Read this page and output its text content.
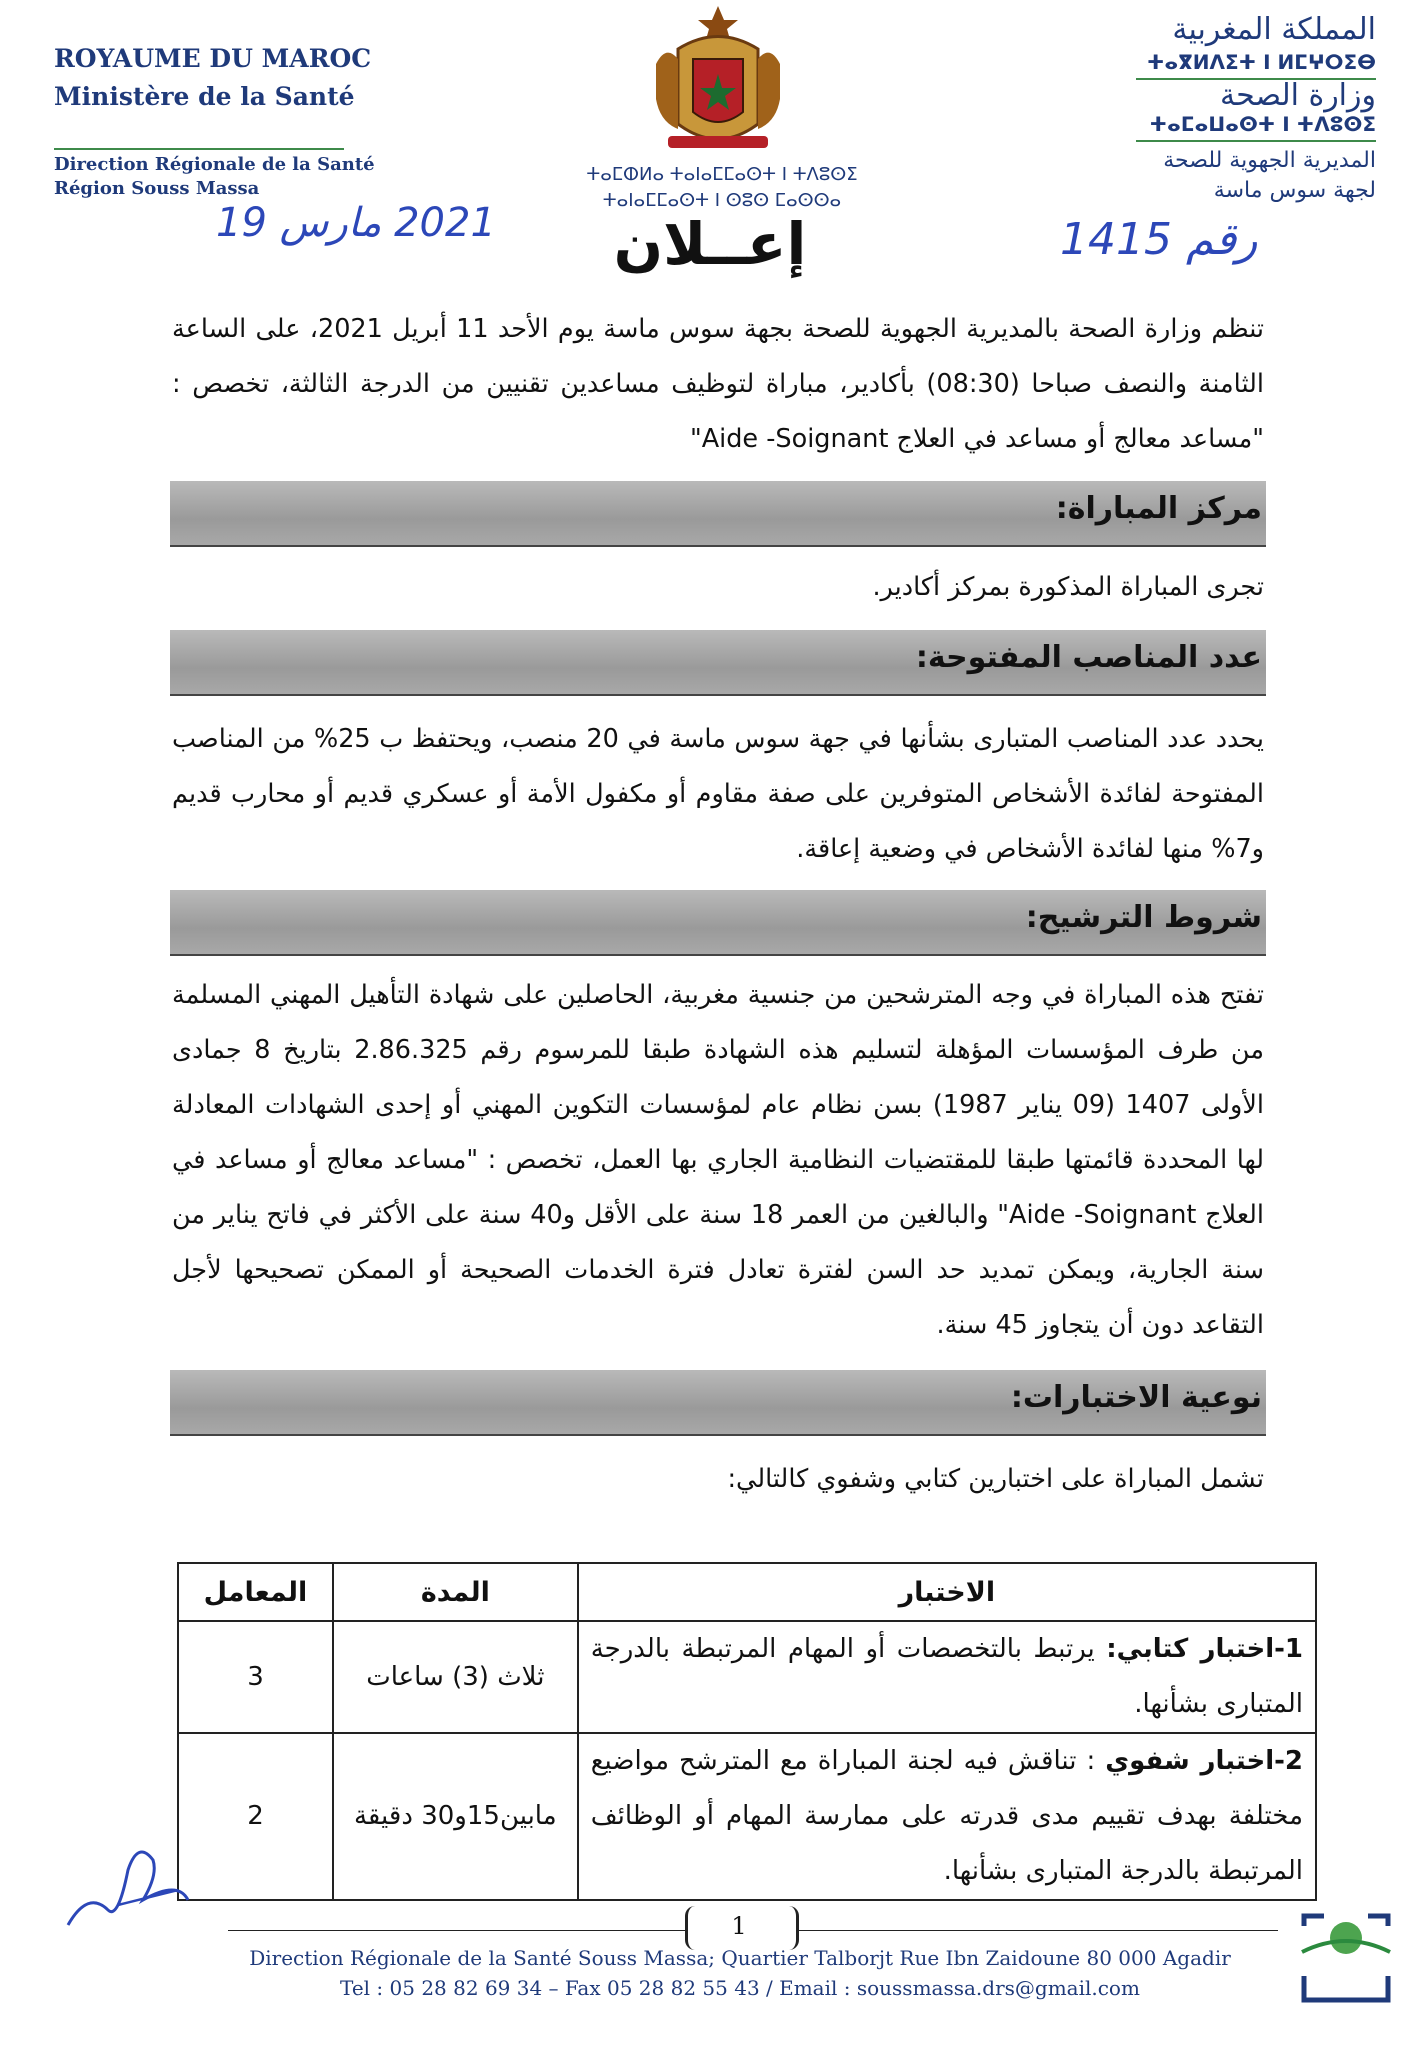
ROYAUME DU MAROC
Ministère de la Santé
Direction Régionale de la Santé
Région Souss Massa
2021 مارس 19
ⵜⴰⵎⵀⵍⴰ ⵜⴰⵏⴰⵎⵎⴰⵙⵜ ⵏ ⵜⴷⵓⵙⵉ
ⵜⴰⵏⴰⵎⵎⴰⵙⵜ ⵏ ⵙⵓⵙ ⵎⴰⵙⵙⴰ
إعــلان
المملكة المغربية
ⵜⴰⴳⵍⴷⵉⵜ ⵏ ⵍⵎⵖⵔⵉⴱ
وزارة الصحة
ⵜⴰⵎⴰⵡⴰⵙⵜ ⵏ ⵜⴷⵓⵙⵉ
المديرية الجهوية للصحة
لجهة سوس ماسة
رقم 1415
تنظم وزارة الصحة بالمديرية الجهوية للصحة بجهة سوس ماسة يوم الأحد 11 أبريل 2021، على الساعة الثامنة والنصف صباحا (08:30) بأكادير، مباراة لتوظيف مساعدين تقنيين من الدرجة الثالثة، تخصص : "مساعد معالج أو مساعد في العلاج Aide -Soignant"
مركز المباراة:
تجرى المباراة المذكورة بمركز أكادير.
عدد المناصب المفتوحة:
يحدد عدد المناصب المتبارى بشأنها في جهة سوس ماسة في 20 منصب، ويحتفظ ب 25% من المناصب المفتوحة لفائدة الأشخاص المتوفرين على صفة مقاوم أو مكفول الأمة أو عسكري قديم أو محارب قديم و7% منها لفائدة الأشخاص في وضعية إعاقة.
شروط الترشيح:
تفتح هذه المباراة في وجه المترشحين من جنسية مغربية، الحاصلين على شهادة التأهيل المهني المسلمة من طرف المؤسسات المؤهلة لتسليم هذه الشهادة طبقا للمرسوم رقم 2.86.325 بتاريخ 8 جمادى الأولى 1407 (09 يناير 1987) بسن نظام عام لمؤسسات التكوين المهني أو إحدى الشهادات المعادلة لها المحددة قائمتها طبقا للمقتضيات النظامية الجاري بها العمل، تخصص : "مساعد معالج أو مساعد في العلاج Aide -Soignant" والبالغين من العمر 18 سنة على الأقل و40 سنة على الأكثر في فاتح يناير من سنة الجارية، ويمكن تمديد حد السن لفترة تعادل فترة الخدمات الصحيحة أو الممكن تصحيحها لأجل التقاعد دون أن يتجاوز 45 سنة.
نوعية الاختبارات:
تشمل المباراة على اختبارين كتابي وشفوي كالتالي:
الاختبار	المدة	المعامل
1-اختبار كتابي: يرتبط بالتخصصات أو المهام المرتبطة بالدرجة المتبارى بشأنها.	ثلاث (3) ساعات	3
2-اختبار شفوي : تناقش فيه لجنة المباراة مع المترشح مواضيع مختلفة بهدف تقييم مدى قدرته على ممارسة المهام أو الوظائف المرتبطة بالدرجة المتبارى بشأنها.	مابين15و30 دقيقة	2
1
Direction Régionale de la Santé Souss Massa; Quartier Talborjt Rue Ibn Zaidoune 80 000 Agadir
Tel : 05 28 82 69 34 – Fax 05 28 82 55 43 / Email : soussmassa.drs@gmail.com
